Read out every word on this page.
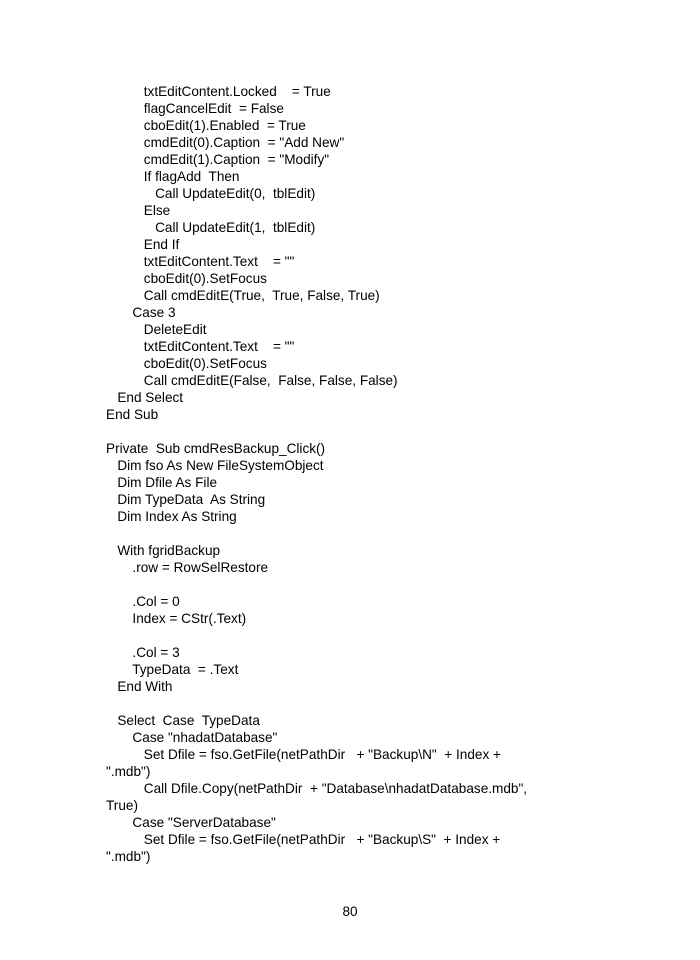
txtEditContent.Locked    = True
flagCancelEdit  = False
cboEdit(1).Enabled  = True
cmdEdit(0).Caption  = "Add New"
cmdEdit(1).Caption  = "Modify"
If flagAdd  Then
Call UpdateEdit(0,  tblEdit)
Else
Call UpdateEdit(1,  tblEdit)
End If
txtEditContent.Text    = ""
cboEdit(0).SetFocus
Call cmdEditE(True,  True, False, True)
Case 3
DeleteEdit
txtEditContent.Text    = ""
cboEdit(0).SetFocus
Call cmdEditE(False,  False, False, False)
End Select
End Sub
Private  Sub cmdResBackup_Click()
Dim fso As New FileSystemObject
Dim Dfile As File
Dim TypeData  As String
Dim Index As String
With fgridBackup
.row = RowSelRestore
.Col = 0
Index = CStr(.Text)
.Col = 3
TypeData  = .Text
End With
Select  Case  TypeData
Case "nhadatDatabase"
Set Dfile = fso.GetFile(netPathDir   + "Backup\N"  + Index +
".mdb")
Call Dfile.Copy(netPathDir  + "Database\nhadatDatabase.mdb",
True)
Case "ServerDatabase"
Set Dfile = fso.GetFile(netPathDir   + "Backup\S"  + Index +
".mdb")
80
